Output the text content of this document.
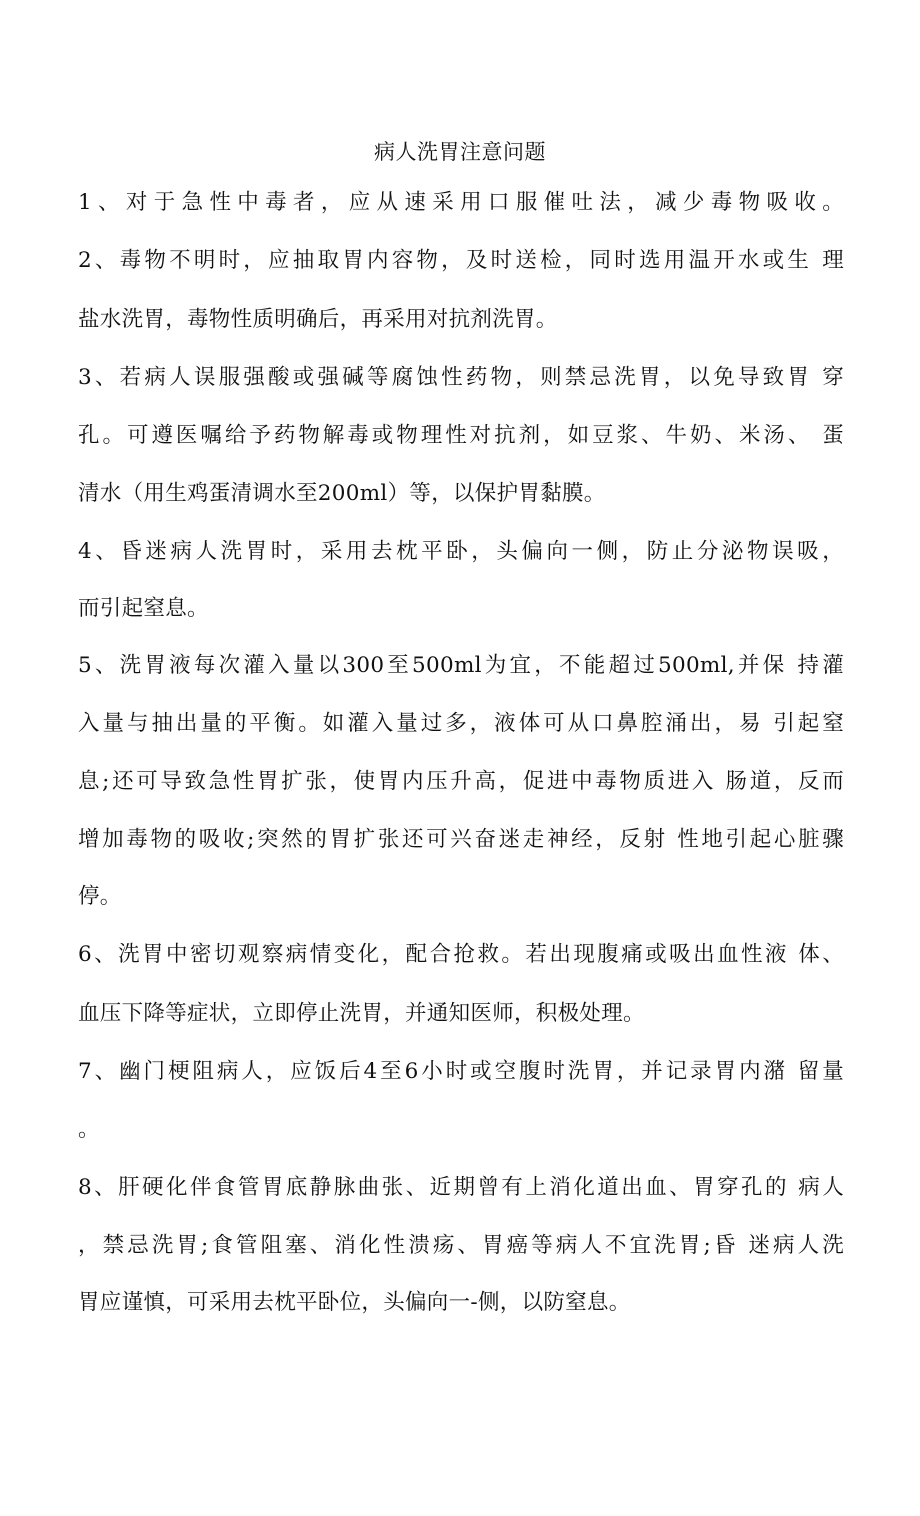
病人洗胃注意问题
1、对于急性中毒者，应从速采用口服催吐法，减少毒物吸收。
2、毒物不明时，应抽取胃内容物，及时送检，同时选用温开水或生 理
盐水洗胃，毒物性质明确后，再采用对抗剂洗胃。
3、若病人误服强酸或强碱等腐蚀性药物，则禁忌洗胃，以免导致胃 穿
孔。可遵医嘱给予药物解毒或物理性对抗剂，如豆浆、牛奶、米汤、 蛋
清水（用生鸡蛋清调水至200ml）等，以保护胃黏膜。
4、昏迷病人洗胃时，采用去枕平卧，头偏向一侧，防止分泌物误吸，
而引起窒息。
5、洗胃液每次灌入量以300至500ml为宜，不能超过500ml,并保 持灌
入量与抽出量的平衡。如灌入量过多，液体可从口鼻腔涌出，易 引起窒
息;还可导致急性胃扩张，使胃内压升高，促进中毒物质进入 肠道，反而
增加毒物的吸收;突然的胃扩张还可兴奋迷走神经，反射 性地引起心脏骤
停。
6、洗胃中密切观察病情变化，配合抢救。若出现腹痛或吸出血性液 体、
血压下降等症状，立即停止洗胃，并通知医师，积极处理。
7、幽门梗阻病人，应饭后4至6小时或空腹时洗胃，并记录胃内潴 留量
。
8、肝硬化伴食管胃底静脉曲张、近期曾有上消化道出血、胃穿孔的 病人
，禁忌洗胃;食管阻塞、消化性溃疡、胃癌等病人不宜洗胃;昏 迷病人洗
胃应谨慎，可采用去枕平卧位，头偏向一-侧，以防窒息。
